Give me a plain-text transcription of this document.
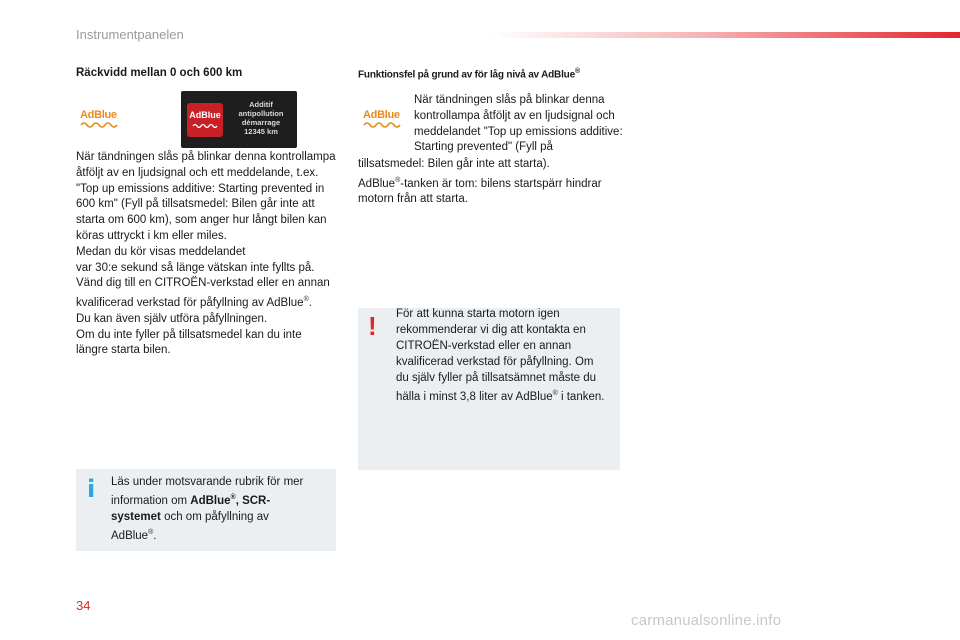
Instrumentpanelen
Räckvidd mellan 0 och 600 km
AdBlue	AdBlue
Additif
antipollution
démarrage
12345 km
När tändningen slås på blinkar denna kontrollampa åtföljt av en ljudsignal och ett meddelande, t.ex. "Top up emissions additive: Starting prevented in 600 km" (Fyll på tillsatsmedel: Bilen går inte att starta om 600 km), som anger hur långt bilen kan köras uttryckt i km eller miles.
Medan du kör visas meddelandet
var 30:e sekund så länge vätskan inte fyllts på.
Vänd dig till en CITROËN-verkstad eller en annan kvalificerad verkstad för påfyllning av AdBlue®.
Du kan även själv utföra påfyllningen.
Om du inte fyller på tillsatsmedel kan du inte längre starta bilen.
i Läs under motsvarande rubrik för mer information om AdBlue®, SCR-systemet och om påfyllning av AdBlue®.
Funktionsfel på grund av för låg nivå av AdBlue®
AdBlue
När tändningen slås på blinkar denna kontrollampa åtföljt av en ljudsignal och meddelandet "Top up emissions additive: Starting prevented" (Fyll på
tillsatsmedel: Bilen går inte att starta).
AdBlue®-tanken är tom: bilens startspärr hindrar motorn från att starta.
! För att kunna starta motorn igen rekommenderar vi dig att kontakta en CITROËN-verkstad eller en annan kvalificerad verkstad för påfyllning. Om du själv fyller på tillsatsämnet måste du hälla i minst 3,8 liter av AdBlue® i tanken.
34
carmanualsonline.info
